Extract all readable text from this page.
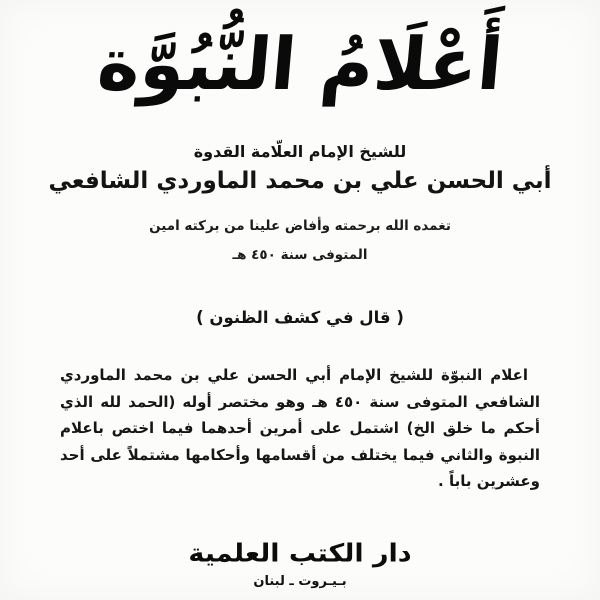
أَعْلَامُ النُّبُوَّة
للشيخ الإمام العلّامة القدوة
أبي الحسن علي بن محمد الماوردي الشافعي
تغمده الله برحمته وأفاض علينا من بركته امين
المتوفى سنة ٤٥٠ هـ
( قال في كشف الظنون )

اعلام النبوّة للشيخ الإمام أبي الحسن علي بن محمد الماوردي الشافعي المتوفى سنة ٤٥٠ هـ وهو مختصر أوله (الحمد لله الذي أحكم ما خلق الخ) اشتمل على أمرين أحدهما فيما اختص باعلام النبوة والثاني فيما يختلف من أقسامها وأحكامها مشتملاً على أحد وعشرين باباً .

دار الكتب العلمية
بـيـروت ـ لبنان
